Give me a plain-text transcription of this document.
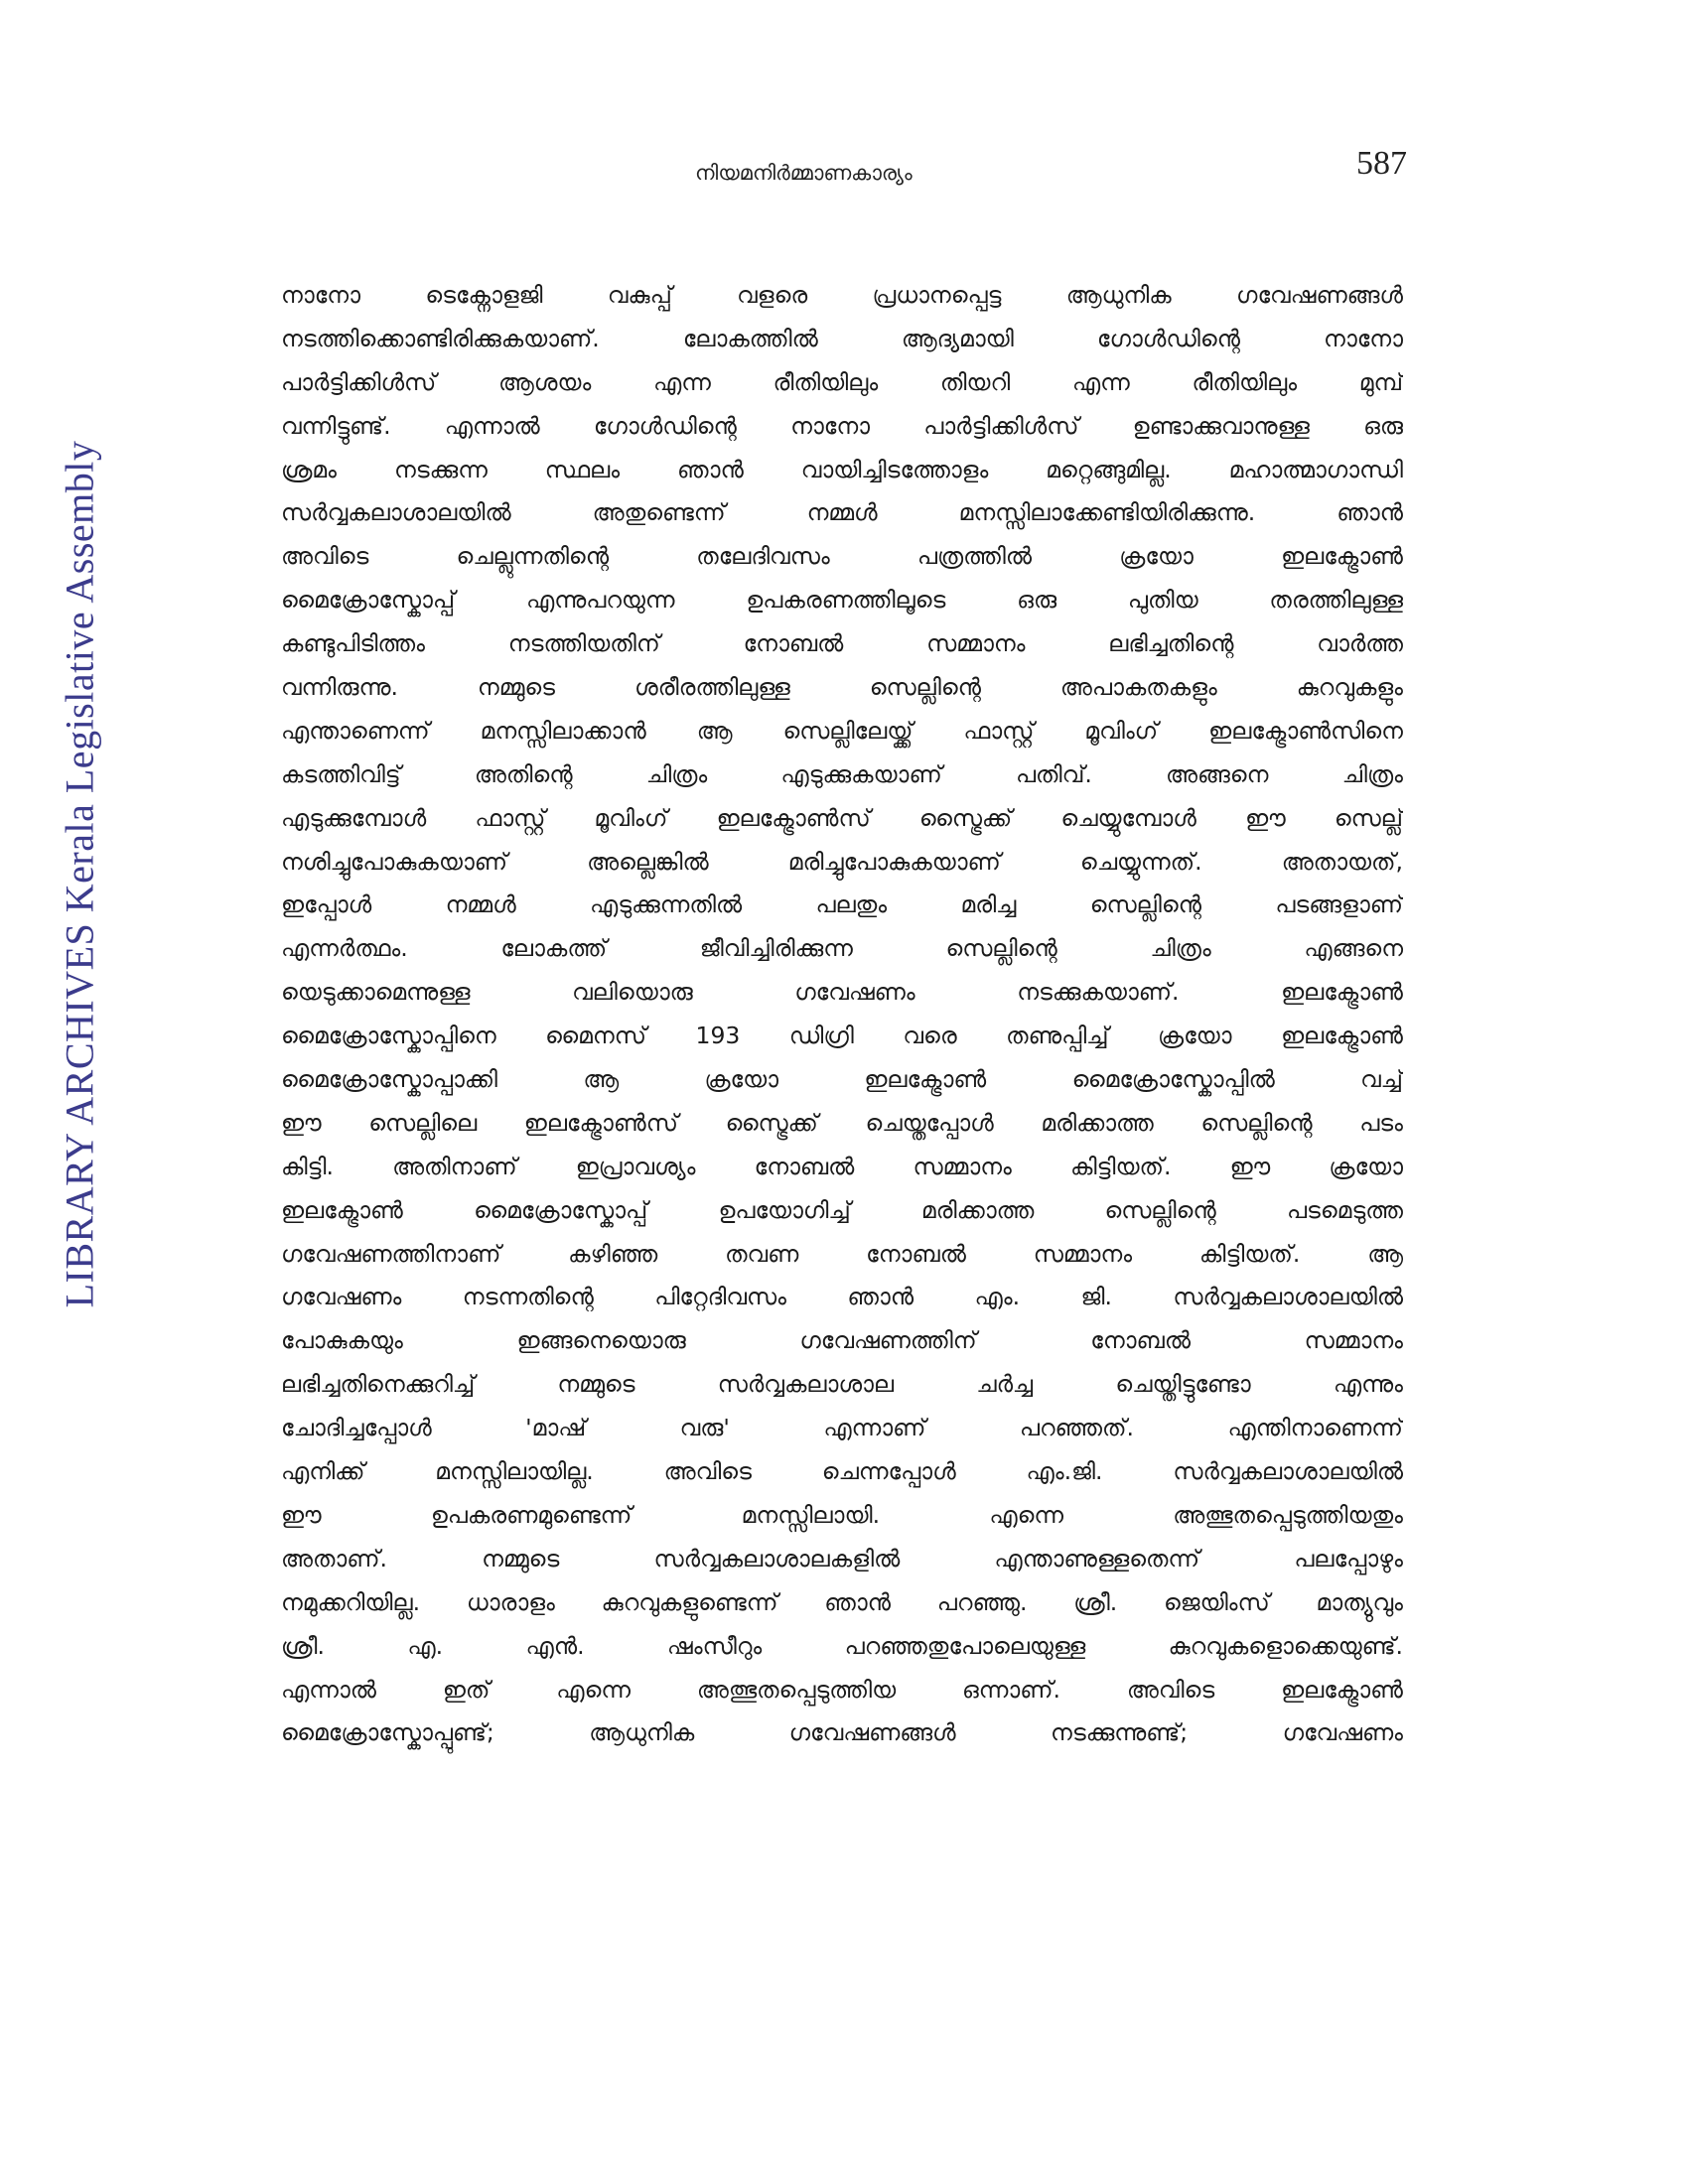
LIBRARY ARCHIVES Kerala Legislative Assembly
നിയമനിർമ്മാണകാര്യം	587
നാനോ ടെക്നോളജി വകുപ്പ് വളരെ പ്രധാനപ്പെട്ട ആധുനിക ഗവേഷണങ്ങൾ
നടത്തിക്കൊണ്ടിരിക്കുകയാണ്. ലോകത്തിൽ ആദ്യമായി ഗോൾഡിന്റെ നാനോ
പാർട്ടിക്കിൾസ് ആശയം എന്ന രീതിയിലും തിയറി എന്ന രീതിയിലും മുമ്പ്
വന്നിട്ടുണ്ട്. എന്നാൽ ഗോൾഡിന്റെ നാനോ പാർട്ടിക്കിൾസ് ഉണ്ടാക്കുവാനുള്ള ഒരു
ശ്രമം നടക്കുന്ന സ്ഥലം ഞാൻ വായിച്ചിടത്തോളം മറ്റെങ്ങുമില്ല. മഹാത്മാഗാന്ധി
സർവ്വകലാശാലയിൽ അതുണ്ടെന്ന് നമ്മൾ മനസ്സിലാക്കേണ്ടിയിരിക്കുന്നു. ഞാൻ
അവിടെ ചെല്ലുന്നതിന്റെ തലേദിവസം പത്രത്തിൽ ക്രയോ ഇലക്ട്രോൺ
മൈക്രോസ്കോപ്പ് എന്നുപറയുന്ന ഉപകരണത്തിലൂടെ ഒരു പുതിയ തരത്തിലുള്ള
കണ്ടുപിടിത്തം നടത്തിയതിന് നോബൽ സമ്മാനം ലഭിച്ചതിന്റെ വാർത്ത
വന്നിരുന്നു. നമ്മുടെ ശരീരത്തിലുള്ള സെല്ലിന്റെ അപാകതകളും കുറവുകളും
എന്താണെന്ന് മനസ്സിലാക്കാൻ ആ സെല്ലിലേയ്ക്ക് ഫാസ്റ്റ് മൂവിംഗ് ഇലക്ട്രോൺസിനെ
കടത്തിവിട്ട് അതിന്റെ ചിത്രം എടുക്കുകയാണ് പതിവ്. അങ്ങനെ ചിത്രം
എടുക്കുമ്പോൾ ഫാസ്റ്റ് മൂവിംഗ് ഇലക്ട്രോൺസ് സ്ട്രൈക്ക് ചെയ്യുമ്പോൾ ഈ സെല്ല്
നശിച്ചുപോകുകയാണ് അല്ലെങ്കിൽ മരിച്ചുപോകുകയാണ് ചെയ്യുന്നത്. അതായത്,
ഇപ്പോൾ നമ്മൾ എടുക്കുന്നതിൽ പലതും മരിച്ച സെല്ലിന്റെ പടങ്ങളാണ്
എന്നർത്ഥം. ലോകത്ത് ജീവിച്ചിരിക്കുന്ന സെല്ലിന്റെ ചിത്രം എങ്ങനെ
യെടുക്കാമെന്നുള്ള വലിയൊരു ഗവേഷണം നടക്കുകയാണ്. ഇലക്ട്രോൺ
മൈക്രോസ്കോപ്പിനെ മൈനസ് 193 ഡിഗ്രി വരെ തണുപ്പിച്ച് ക്രയോ ഇലക്ട്രോൺ
മൈക്രോസ്കോപ്പാക്കി ആ ക്രയോ ഇലക്ട്രോൺ മൈക്രോസ്കോപ്പിൽ വച്ച്
ഈ സെല്ലിലെ ഇലക്ട്രോൺസ് സ്ട്രൈക്ക് ചെയ്തപ്പോൾ മരിക്കാത്ത സെല്ലിന്റെ പടം
കിട്ടി. അതിനാണ് ഇപ്രാവശ്യം നോബൽ സമ്മാനം കിട്ടിയത്. ഈ ക്രയോ
ഇലക്ട്രോൺ മൈക്രോസ്കോപ്പ് ഉപയോഗിച്ച് മരിക്കാത്ത സെല്ലിന്റെ പടമെടുത്ത
ഗവേഷണത്തിനാണ് കഴിഞ്ഞ തവണ നോബൽ സമ്മാനം കിട്ടിയത്. ആ
ഗവേഷണം നടന്നതിന്റെ പിറ്റേദിവസം ഞാൻ എം. ജി. സർവ്വകലാശാലയിൽ
പോകുകയും ഇങ്ങനെയൊരു ഗവേഷണത്തിന് നോബൽ സമ്മാനം
ലഭിച്ചതിനെക്കുറിച്ച് നമ്മുടെ സർവ്വകലാശാല ചർച്ച ചെയ്തിട്ടുണ്ടോ എന്നും
ചോദിച്ചപ്പോൾ 'മാഷ് വരു' എന്നാണ് പറഞ്ഞത്. എന്തിനാണെന്ന്
എനിക്ക് മനസ്സിലായില്ല. അവിടെ ചെന്നപ്പോൾ എം.ജി. സർവ്വകലാശാലയിൽ
ഈ ഉപകരണമുണ്ടെന്ന് മനസ്സിലായി. എന്നെ അത്ഭുതപ്പെടുത്തിയതും
അതാണ്. നമ്മുടെ സർവ്വകലാശാലകളിൽ എന്താണുള്ളതെന്ന് പലപ്പോഴും
നമുക്കറിയില്ല. ധാരാളം കുറവുകളുണ്ടെന്ന് ഞാൻ പറഞ്ഞു. ശ്രീ. ജെയിംസ് മാത്യുവും
ശ്രീ. എ. എൻ. ഷംസീറും പറഞ്ഞതുപോലെയുള്ള കുറവുകളൊക്കെയുണ്ട്.
എന്നാൽ ഇത് എന്നെ അത്ഭുതപ്പെടുത്തിയ ഒന്നാണ്. അവിടെ ഇലക്ട്രോൺ
മൈക്രോസ്കോപ്പുണ്ട്; ആധുനിക ഗവേഷണങ്ങൾ നടക്കുന്നുണ്ട്; ഗവേഷണം
